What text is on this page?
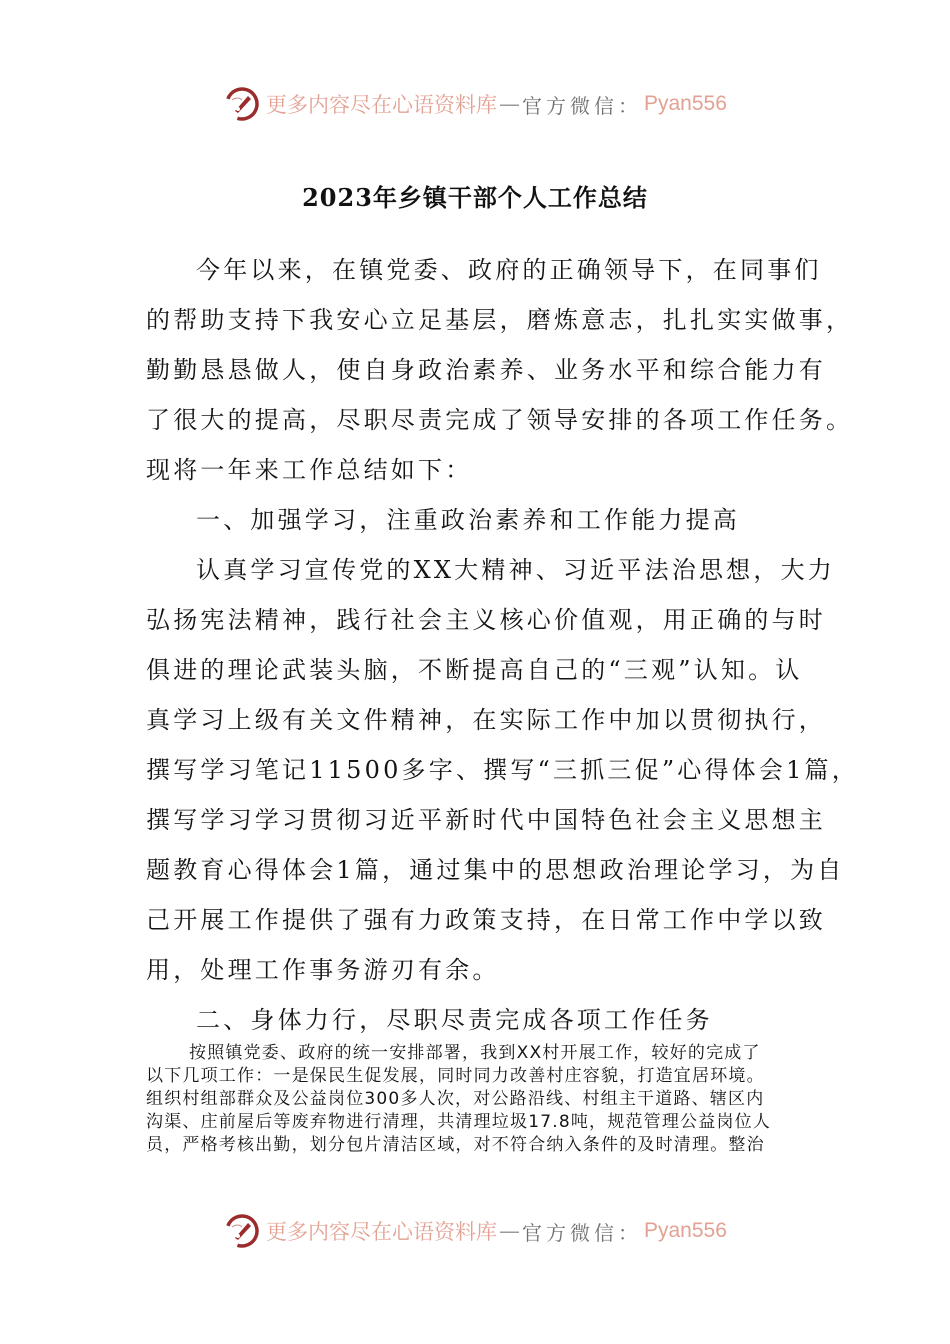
更多内容尽在心语资料库 — 官方微信： Pyan556
2023年乡镇干部个人工作总结
今年以来，在镇党委、政府的正确领导下，在同事们
的帮助支持下我安心立足基层，磨炼意志，扎扎实实做事，
勤勤恳恳做人，使自身政治素养、业务水平和综合能力有
了很大的提高，尽职尽责完成了领导安排的各项工作任务。
现将一年来工作总结如下：
一、加强学习，注重政治素养和工作能力提高
认真学习宣传党的XX大精神、习近平法治思想，大力
弘扬宪法精神，践行社会主义核心价值观，用正确的与时
俱进的理论武装头脑，不断提高自己的“三观”认知。认
真学习上级有关文件精神，在实际工作中加以贯彻执行，
撰写学习笔记11500多字、撰写“三抓三促”心得体会1篇，
撰写学习学习贯彻习近平新时代中国特色社会主义思想主
题教育心得体会1篇，通过集中的思想政治理论学习，为自
己开展工作提供了强有力政策支持，在日常工作中学以致
用，处理工作事务游刃有余。
二、身体力行，尽职尽责完成各项工作任务
按照镇党委、政府的统一安排部署，我到XX村开展工作，较好的完成了
以下几项工作：一是保民生促发展，同时同力改善村庄容貌，打造宜居环境。
组织村组部群众及公益岗位300多人次，对公路沿线、村组主干道路、辖区内
沟渠、庄前屋后等废弃物进行清理，共清理垃圾17.8吨，规范管理公益岗位人
员，严格考核出勤，划分包片清洁区域，对不符合纳入条件的及时清理。整治
更多内容尽在心语资料库 — 官方微信： Pyan556
